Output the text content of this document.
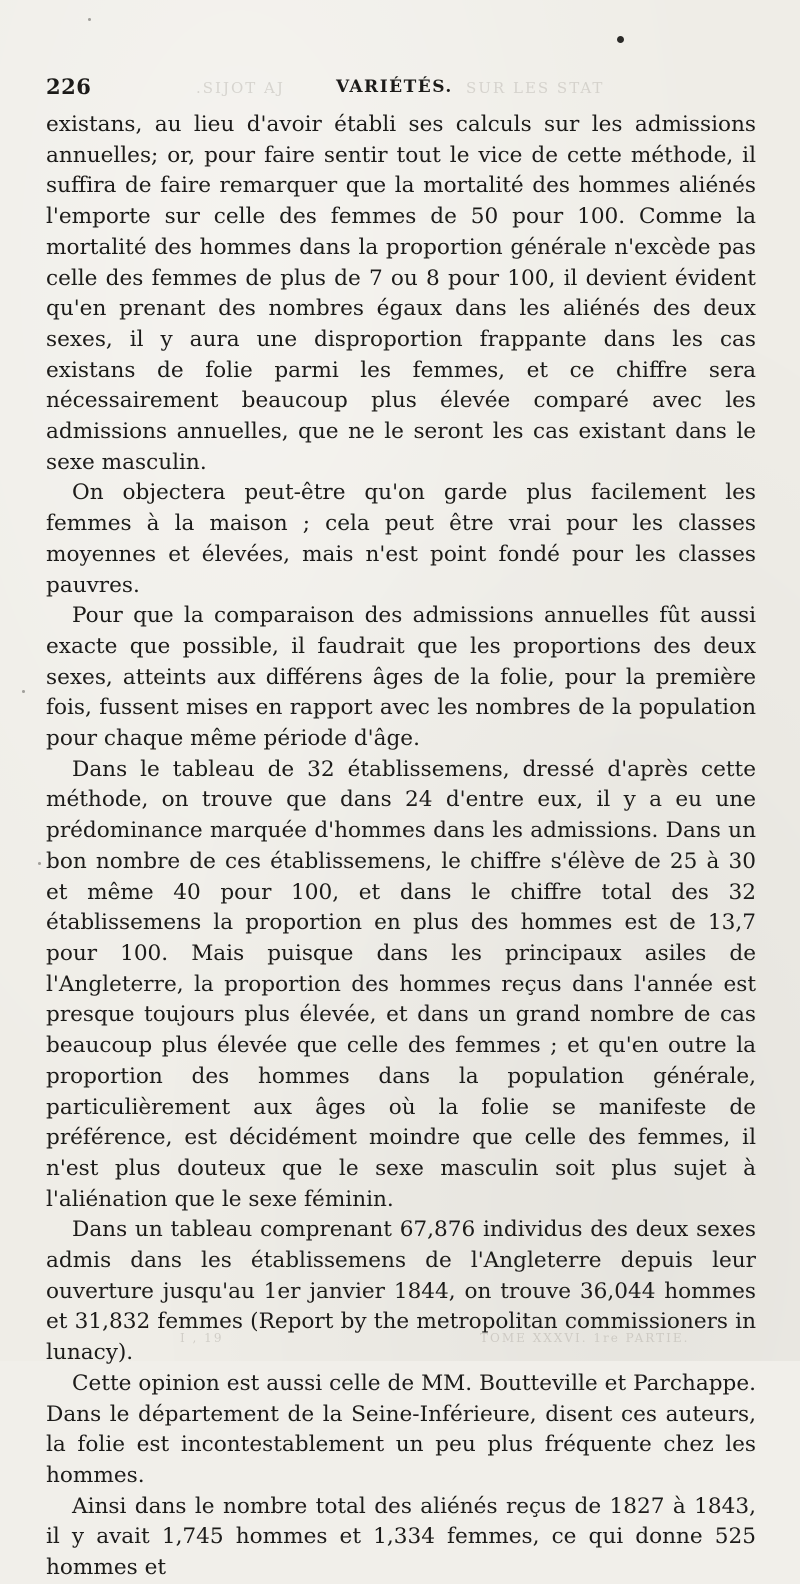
226	.SIJOT AJ	VARIÉTÉS. SUR LES STAT

existans, au lieu d'avoir établi ses calculs sur les admissions annuelles; or, pour faire sentir tout le vice de cette méthode, il suffira de faire remarquer que la mortalité des hommes aliénés l'emporte sur celle des femmes de 50 pour 100. Comme la mortalité des hommes dans la proportion générale n'excède pas celle des femmes de plus de 7 ou 8 pour 100, il devient évident qu'en prenant des nombres égaux dans les aliénés des deux sexes, il y aura une disproportion frappante dans les cas existans de folie parmi les femmes, et ce chiffre sera nécessairement beaucoup plus élevée comparé avec les admissions annuelles, que ne le seront les cas existant dans le sexe masculin.

On objectera peut-être qu'on garde plus facilement les femmes à la maison ; cela peut être vrai pour les classes moyennes et élevées, mais n'est point fondé pour les classes pauvres.

Pour que la comparaison des admissions annuelles fût aussi exacte que possible, il faudrait que les proportions des deux sexes, atteints aux différens âges de la folie, pour la première fois, fussent mises en rapport avec les nombres de la population pour chaque même période d'âge.

Dans le tableau de 32 établissemens, dressé d'après cette méthode, on trouve que dans 24 d'entre eux, il y a eu une prédominance marquée d'hommes dans les admissions. Dans un bon nombre de ces établissemens, le chiffre s'élève de 25 à 30 et même 40 pour 100, et dans le chiffre total des 32 établissemens la proportion en plus des hommes est de 13,7 pour 100. Mais puisque dans les principaux asiles de l'Angleterre, la proportion des hommes reçus dans l'année est presque toujours plus élevée, et dans un grand nombre de cas beaucoup plus élevée que celle des femmes ; et qu'en outre la proportion des hommes dans la population générale, particulièrement aux âges où la folie se manifeste de préférence, est décidément moindre que celle des femmes, il n'est plus douteux que le sexe masculin soit plus sujet à l'aliénation que le sexe féminin.

Dans un tableau comprenant 67,876 individus des deux sexes admis dans les établissemens de l'Angleterre depuis leur ouverture jusqu'au 1er janvier 1844, on trouve 36,044 hommes et 31,832 femmes (Report by the metropolitan commissioners in lunacy).

Cette opinion est aussi celle de MM. Boutteville et Parchappe. Dans le département de la Seine-Inférieure, disent ces auteurs, la folie est incontestablement un peu plus fréquente chez les hommes.

Ainsi dans le nombre total des aliénés reçus de 1827 à 1843, il y avait 1,745 hommes et 1,334 femmes, ce qui donne 525 hommes et

I , 19	TOME XXXVI. 1re PARTIE.
